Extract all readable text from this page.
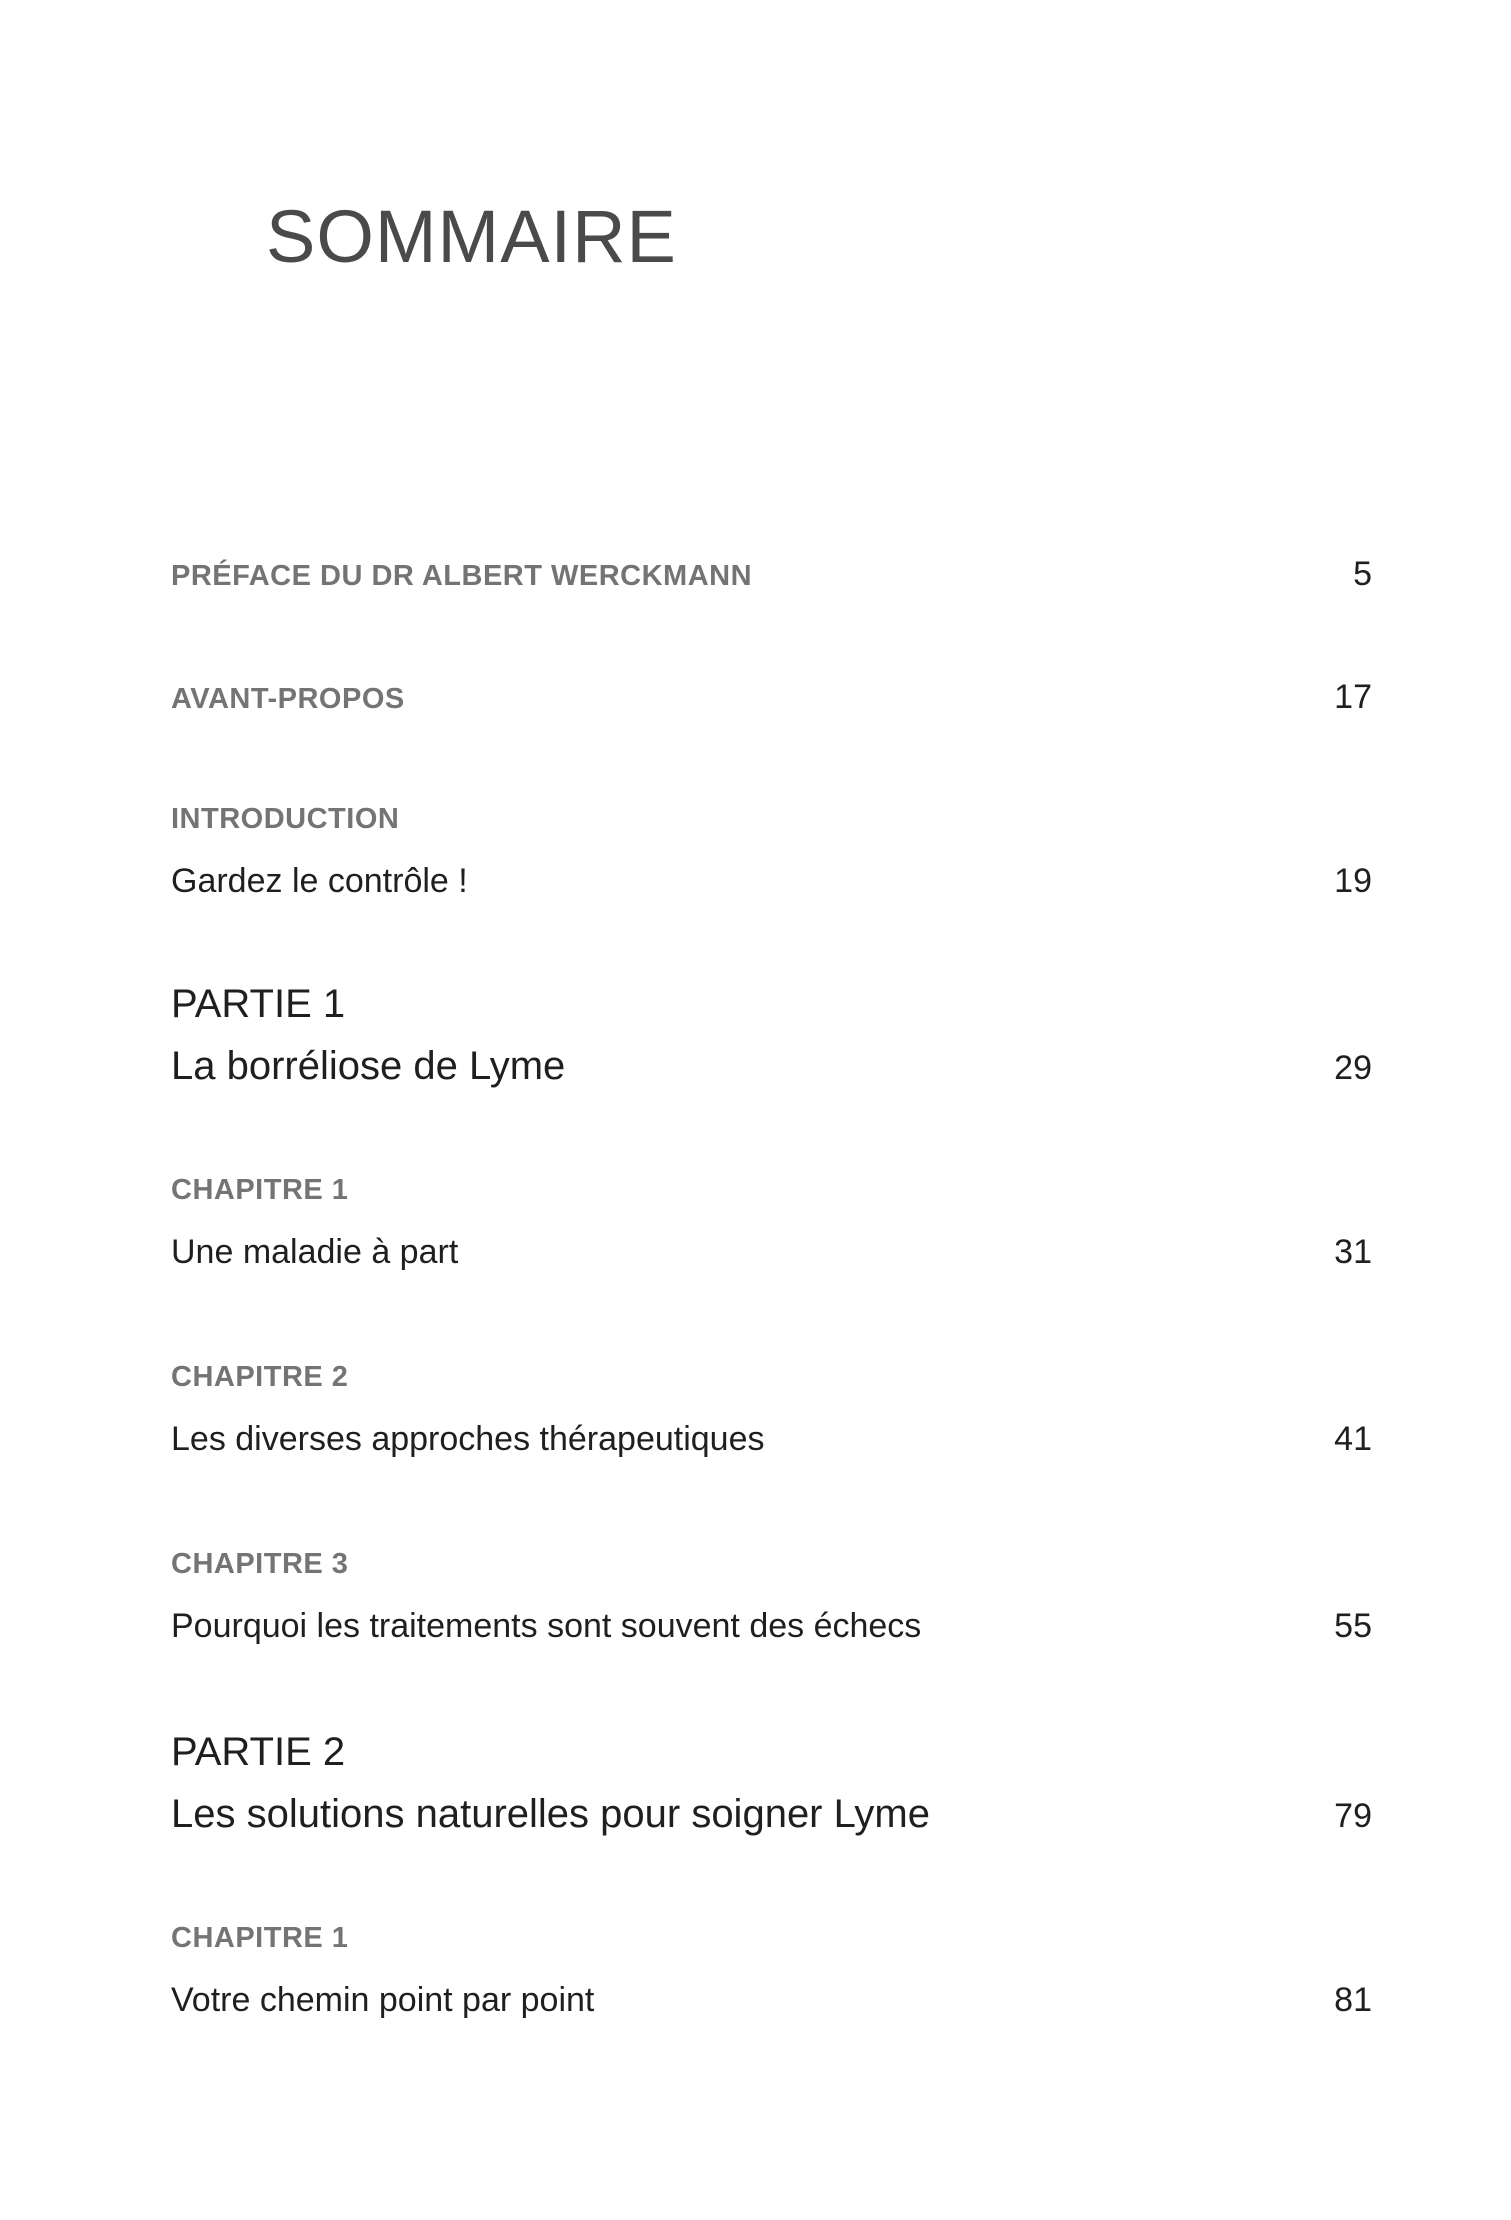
SOMMAIRE
PRÉFACE DU DR ALBERT WERCKMANN	5
AVANT-PROPOS	17
INTRODUCTION
Gardez le contrôle !	19
PARTIE 1
La borréliose de Lyme	29
CHAPITRE 1
Une maladie à part	31
CHAPITRE 2
Les diverses approches thérapeutiques	41
CHAPITRE 3
Pourquoi les traitements sont souvent des échecs	55
PARTIE 2
Les solutions naturelles pour soigner Lyme	79
CHAPITRE 1
Votre chemin point par point	81
